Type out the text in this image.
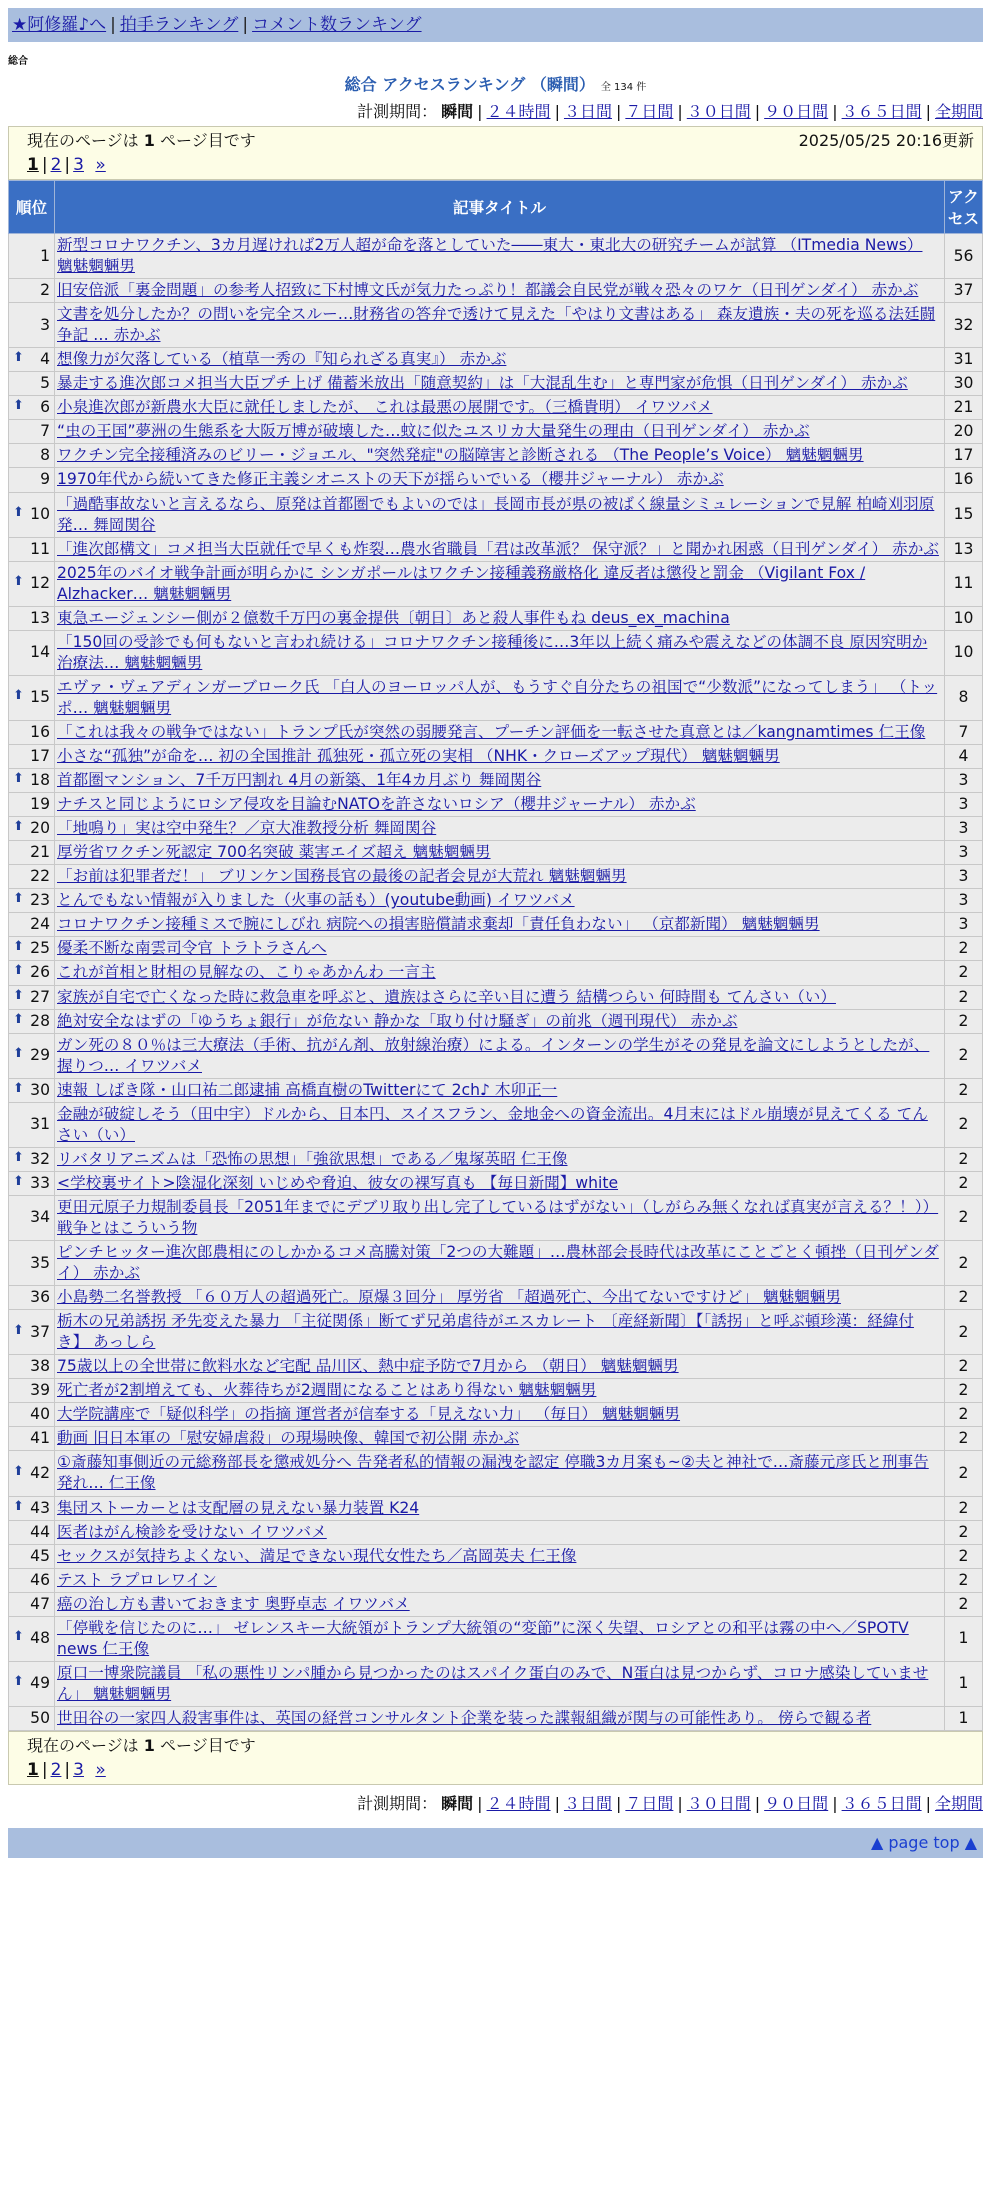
★阿修羅♪へ | 拍手ランキング | コメント数ランキング
総合
総合 アクセスランキング （瞬間） 全 134 件
計測期間： 瞬間 | ２４時間 | ３日間 | ７日間 | ３０日間 | ９０日間 | ３６５日間 | 全期間
現在のページは 1 ページ目です	2025/05/25 20:16更新
1 | 2 | 3 »
順位	記事タイトル	アクセス
1	新型コロナワクチン、3カ月遅ければ2万人超が命を落としていた――東大・東北大の研究チームが試算 （ITmedia News） 魑魅魍魎男	56
2	旧安倍派「裏金問題」の参考人招致に下村博文氏が気力たっぷり！都議会自民党が戦々恐々のワケ（日刊ゲンダイ） 赤かぶ	37
3	文書を処分したか？の問いを完全スルー…財務省の答弁で透けて見えた「やはり文書はある」 森友遺族・夫の死を巡る法廷闘争記 … 赤かぶ	32

⬆ 4	想像力が欠落している（植草一秀の『知られざる真実』） 赤かぶ	31
5	暴走する進次郎コメ担当大臣プチ上げ 備蓄米放出「随意契約」は「大混乱生む」と専門家が危惧（日刊ゲンダイ） 赤かぶ	30

⬆ 6	小泉進次郎が新農水大臣に就任しましたが、 これは最悪の展開です。（三橋貴明） イワツバメ	21
7	“虫の王国”夢洲の生態系を大阪万博が破壊した…蚊に似たユスリカ大量発生の理由（日刊ゲンダイ） 赤かぶ	20
8	ワクチン完全接種済みのビリー・ジョエル、"突然発症"の脳障害と診断される （The People’s Voice） 魑魅魍魎男	17
9	1970年代から続いてきた修正主義シオニストの天下が揺らいでいる（櫻井ジャーナル） 赤かぶ	16

⬆ 10	「過酷事故ないと言えるなら、原発は首都圏でもよいのでは」長岡市長が県の被ばく線量シミュレーションで見解 柏崎刈羽原発… 舞岡関谷	15
11	「進次郎構文」コメ担当大臣就任で早くも炸裂…農水省職員「君は改革派？ 保守派？」と聞かれ困惑（日刊ゲンダイ） 赤かぶ	13

⬆ 12	2025年のバイオ戦争計画が明らかに シンガポールはワクチン接種義務厳格化 違反者は懲役と罰金 （Vigilant Fox / Alzhacker… 魑魅魍魎男	11
13	東急エージェンシー側が２億数千万円の裏金提供〔朝日〕あと殺人事件もね deus_ex_machina	10
14	「150回の受診でも何もないと言われ続ける」コロナワクチン接種後に…3年以上続く痛みや震えなどの体調不良 原因究明か治療法… 魑魅魍魎男	10

⬆ 15	エヴァ・ヴェアディンガーブローク氏 「白人のヨーロッパ人が、もうすぐ自分たちの祖国で“少数派”になってしまう」 （トッポ… 魑魅魍魎男	8
16	「これは我々の戦争ではない」トランプ氏が突然の弱腰発言、プーチン評価を一転させた真意とは／kangnamtimes 仁王像	7
17	小さな“孤独”が命を… 初の全国推計 孤独死・孤立死の実相 （NHK・クローズアップ現代） 魑魅魍魎男	4

⬆ 18	首都圏マンション、7千万円割れ 4月の新築、1年4カ月ぶり 舞岡関谷	3
19	ナチスと同じようにロシア侵攻を目論むNATOを許さないロシア（櫻井ジャーナル） 赤かぶ	3

⬆ 20	「地鳴り」実は空中発生？／京大准教授分析 舞岡関谷	3
21	厚労省ワクチン死認定 700名突破 薬害エイズ超え 魑魅魍魎男	3
22	「お前は犯罪者だ！」 ブリンケン国務長官の最後の記者会見が大荒れ 魑魅魍魎男	3

⬆ 23	とんでもない情報が入りました（火事の話も）(youtube動画) イワツバメ	3
24	コロナワクチン接種ミスで腕にしびれ 病院への損害賠償請求棄却「責任負わない」 （京都新聞） 魑魅魍魎男	3

⬆ 25	優柔不断な南雲司令官 トラトラさんへ	2

⬆ 26	これが首相と財相の見解なの、こりゃあかんわ 一言主	2

⬆ 27	家族が自宅で亡くなった時に救急車を呼ぶと、遺族はさらに辛い目に遭う 結構つらい 何時間も てんさい（い）	2

⬆ 28	絶対安全なはずの「ゆうちょ銀行」が危ない 静かな「取り付け騒ぎ」の前兆（週刊現代） 赤かぶ	2

⬆ 29	ガン死の８０％は三大療法（手術、抗がん剤、放射線治療）による。インターンの学生がその発見を論文にしようとしたが、握りつ… イワツバメ	2

⬆ 30	速報 しばき隊・山口祐二郎逮捕 高橋直樹のTwitterにて 2ch♪ 木卯正一	2
31	金融が破綻しそう（田中宇）ドルから、日本円、スイスフラン、金地金への資金流出。4月末にはドル崩壊が見えてくる てんさい（い）	2

⬆ 32	リバタリアニズムは「恐怖の思想」「強欲思想」である／鬼塚英昭 仁王像	2

⬆ 33	<学校裏サイト>陰湿化深刻 いじめや脅迫、彼女の裸写真も 【毎日新聞】white	2
34	更田元原子力規制委員長「2051年までにデブリ取り出し完了しているはずがない」（しがらみ無くなれば真実が言える？！）） 戦争とはこういう物	2
35	ピンチヒッター進次郎農相にのしかかるコメ高騰対策「2つの大難題」…農林部会長時代は改革にことごとく頓挫（日刊ゲンダイ） 赤かぶ	2
36	小島勢二名誉教授 「６０万人の超過死亡。原爆３回分」 厚労省 「超過死亡、今出てないですけど」 魑魅魍魎男	2

⬆ 37	栃木の兄弟誘拐 矛先変えた暴力 「主従関係」断てず兄弟虐待がエスカレート 〔産経新聞〕【「誘拐」と呼ぶ頓珍漢：経緯付き】 あっしら	2
38	75歳以上の全世帯に飲料水など宅配 品川区、熱中症予防で7月から （朝日） 魑魅魍魎男	2
39	死亡者が2割増えても、火葬待ちが2週間になることはあり得ない 魑魅魍魎男	2
40	大学院講座で「疑似科学」の指摘 運営者が信奉する「見えない力」 （毎日） 魑魅魍魎男	2
41	動画 旧日本軍の「慰安婦虐殺」の現場映像、韓国で初公開 赤かぶ	2

⬆ 42	①斎藤知事側近の元総務部長を懲戒処分へ 告発者私的情報の漏洩を認定 停職3カ月案も~②夫と神社で…斎藤元彦氏と刑事告発れ… 仁王像	2

⬆ 43	集団ストーカーとは支配層の見えない暴力装置 K24	2
44	医者はがん検診を受けない イワツバメ	2
45	セックスが気持ちよくない、満足できない現代女性たち／高岡英夫 仁王像	2
46	テスト ラプロレワイン	2
47	癌の治し方も書いておきます 奥野卓志 イワツバメ	2

⬆ 48	「停戦を信じたのに…」 ゼレンスキー大統領がトランプ大統領の“変節”に深く失望、ロシアとの和平は霧の中へ／SPOTV news 仁王像	1

⬆ 49	原口一博衆院議員 「私の悪性リンパ腫から見つかったのはスパイク蛋白のみで、N蛋白は見つからず、コロナ感染していません」 魑魅魍魎男	1
50	世田谷の一家四人殺害事件は、英国の経営コンサルタント企業を装った諜報組織が関与の可能性あり。 傍らで観る者	1
現在のページは 1 ページ目です
1 | 2 | 3 »
計測期間： 瞬間 | ２４時間 | ３日間 | ７日間 | ３０日間 | ９０日間 | ３６５日間 | 全期間
▲ page top ▲
